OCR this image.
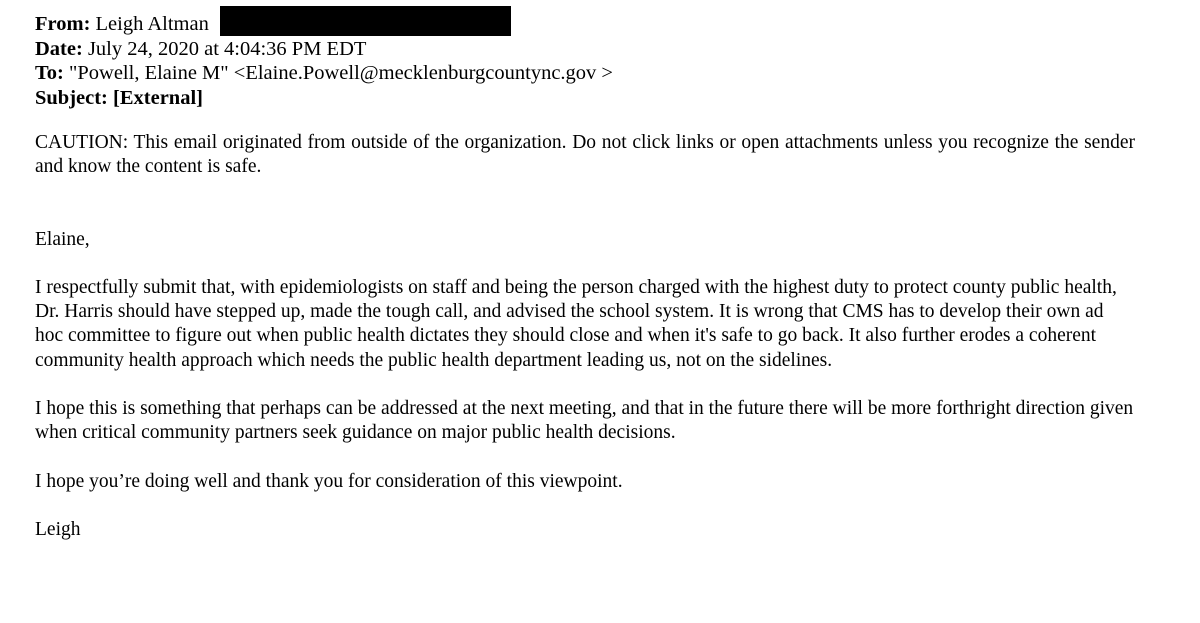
From: Leigh Altman
Date: July 24, 2020 at 4:04:36 PM EDT
To: "Powell, Elaine M" <Elaine.Powell@mecklenburgcountync.gov >
Subject: [External]

CAUTION: This email originated from outside of the organization. Do not click links or open attachments unless you recognize the sender and know the content is safe.

Elaine,

I respectfully submit that, with epidemiologists on staff and being the person charged with the highest duty to protect county public health, Dr. Harris should have stepped up, made the tough call, and advised the school system. It is wrong that CMS has to develop their own ad hoc committee to figure out when public health dictates they should close and when it's safe to go back. It also further erodes a coherent community health approach which needs the public health department leading us, not on the sidelines.

I hope this is something that perhaps can be addressed at the next meeting, and that in the future there will be more forthright direction given when critical community partners seek guidance on major public health decisions.

I hope you’re doing well and thank you for consideration of this viewpoint.

Leigh
